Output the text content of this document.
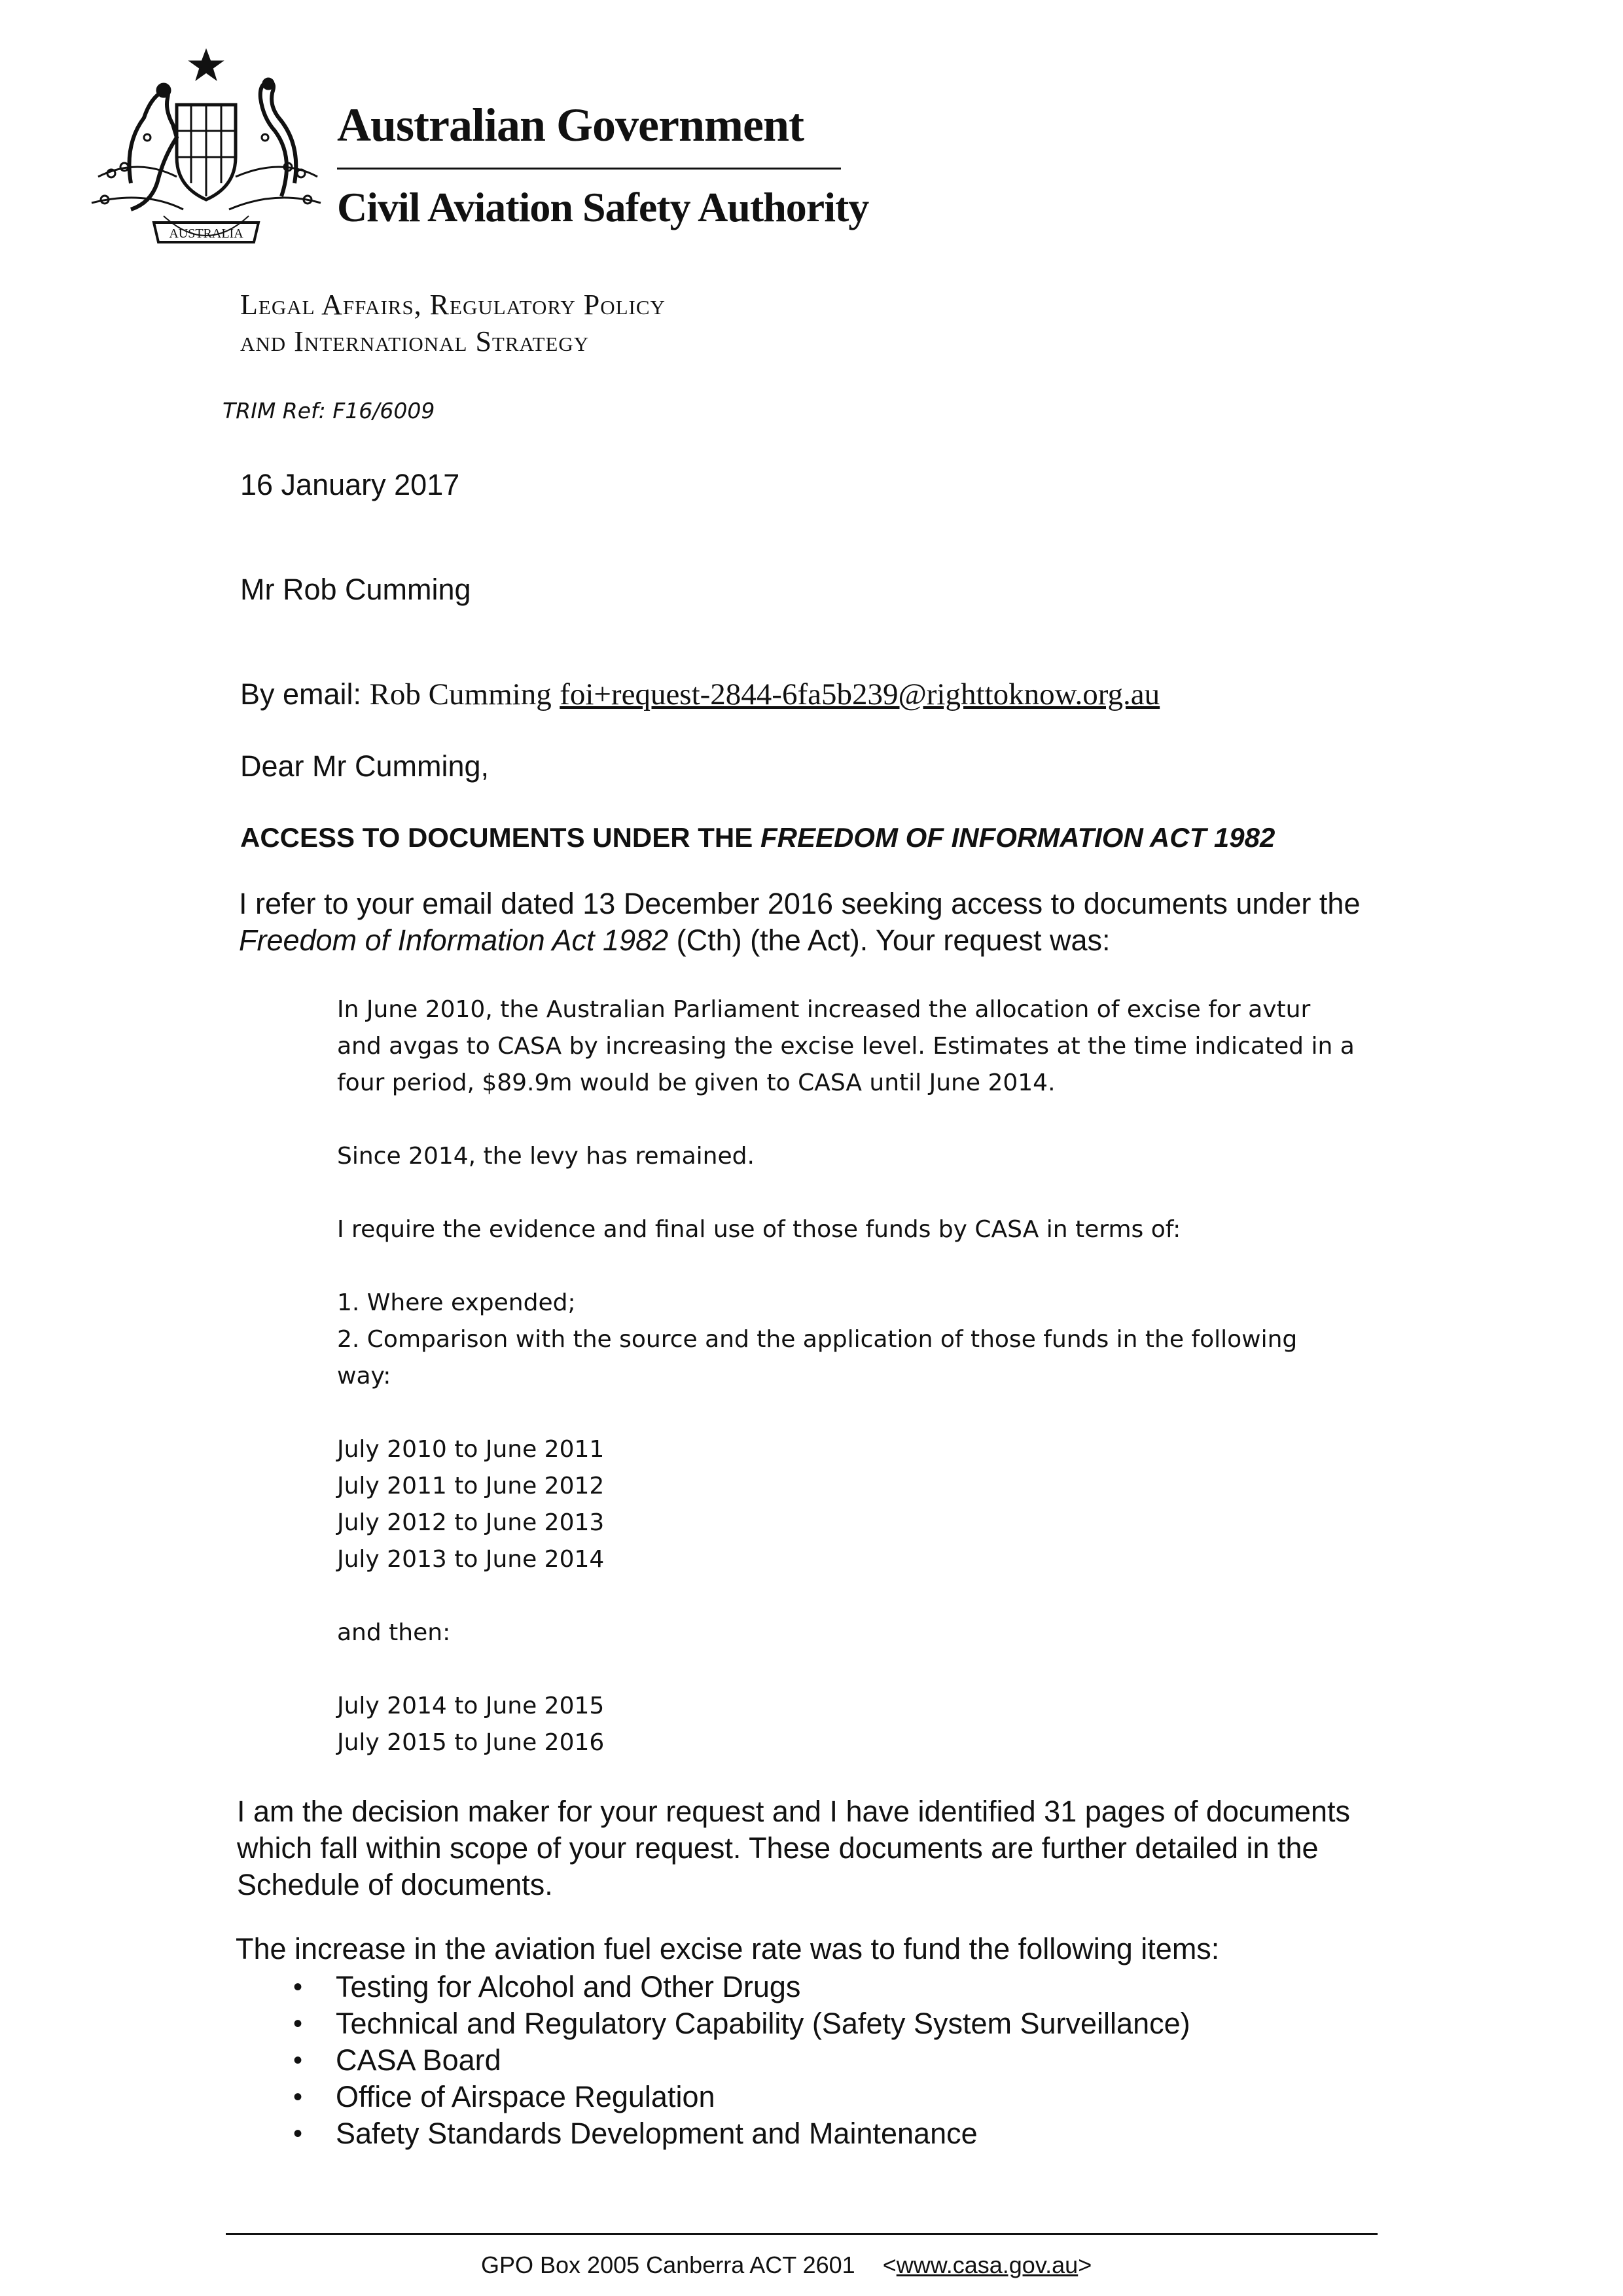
AUSTRALIA
Australian Government
Civil Aviation Safety Authority
Legal Affairs, Regulatory Policy
and International Strategy
TRIM Ref: F16/6009
16 January 2017
Mr Rob Cumming
By email: Rob Cumming foi+request-2844-6fa5b239@righttoknow.org.au
Dear Mr Cumming,
ACCESS TO DOCUMENTS UNDER THE FREEDOM OF INFORMATION ACT 1982
I refer to your email dated 13 December 2016 seeking access to documents under the Freedom of Information Act 1982 (Cth) (the Act). Your request was:

In June 2010, the Australian Parliament increased the allocation of excise for avtur and avgas to CASA by increasing the excise level. Estimates at the time indicated in a four period, $89.9m would be given to CASA until June 2014.

Since 2014, the levy has remained.

I require the evidence and final use of those funds by CASA in terms of:

1. Where expended;

2. Comparison with the source and the application of those funds in the following way:

July 2010 to June 2011
July 2011 to June 2012
July 2012 to June 2013
July 2013 to June 2014

and then:

July 2014 to June 2015
July 2015 to June 2016
I am the decision maker for your request and I have identified 31 pages of documents which fall within scope of your request. These documents are further detailed in the Schedule of documents.
The increase in the aviation fuel excise rate was to fund the following items:
• Testing for Alcohol and Other Drugs
• Technical and Regulatory Capability (Safety System Surveillance)
• CASA Board
• Office of Airspace Regulation
• Safety Standards Development and Maintenance
GPO Box 2005 Canberra ACT 2601 <www.casa.gov.au>
